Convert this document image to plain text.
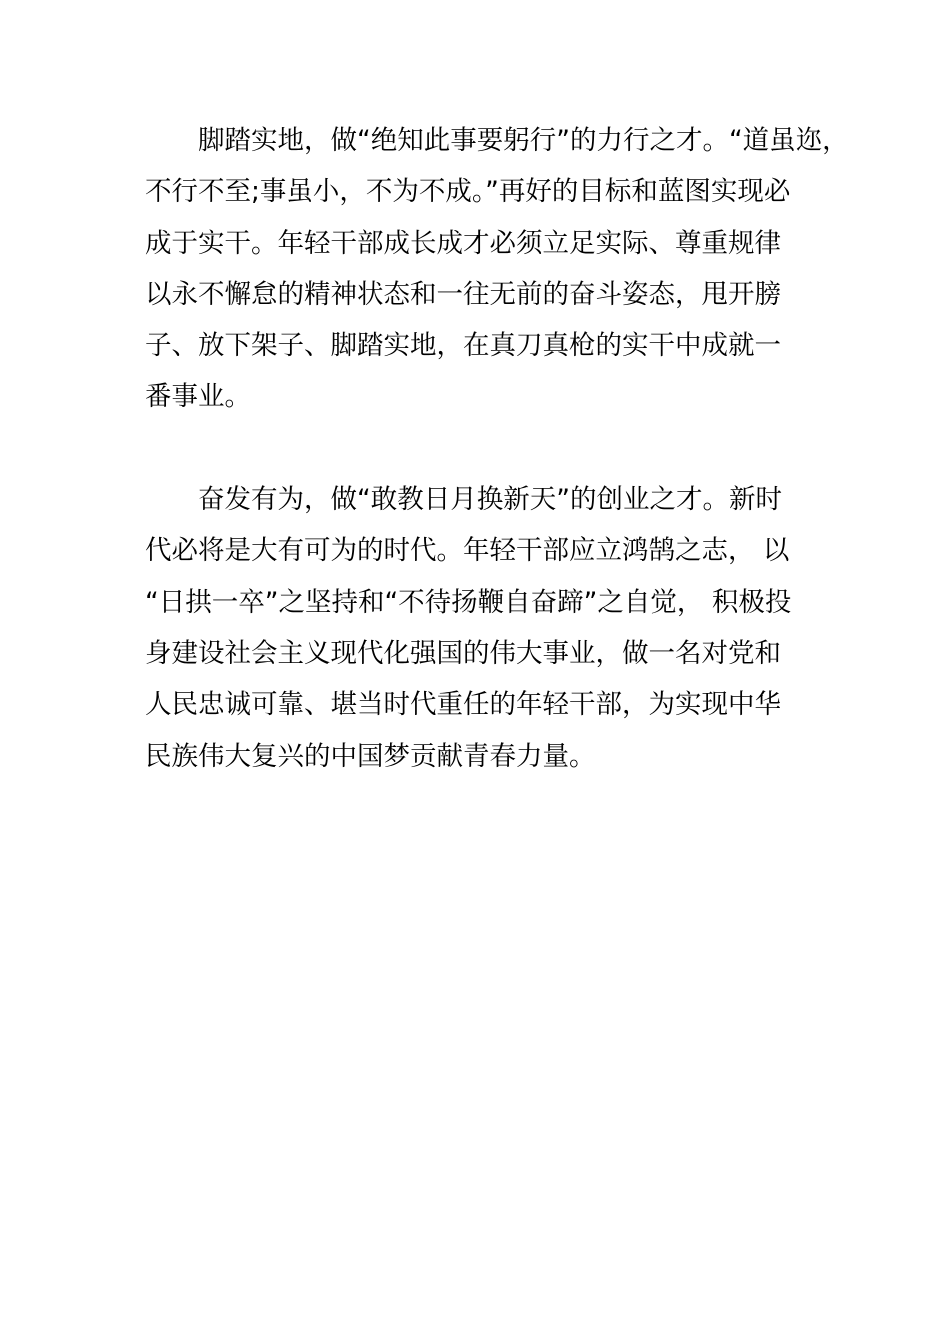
脚踏实地，做“绝知此事要躬行”的力行之才。“道虽迩，
不行不至;事虽小，不为不成。”再好的目标和蓝图实现必
成于实干。年轻干部成长成才必须立足实际、尊重规律
以永不懈怠的精神状态和一往无前的奋斗姿态，甩开膀
子、放下架子、脚踏实地，在真刀真枪的实干中成就一
番事业。

奋发有为，做“敢教日月换新天”的创业之才。新时
代必将是大有可为的时代。年轻干部应立鸿鹄之志， 以
“日拱一卒”之坚持和“不待扬鞭自奋蹄”之自觉， 积极投
身建设社会主义现代化强国的伟大事业，做一名对党和
人民忠诚可靠、堪当时代重任的年轻干部，为实现中华
民族伟大复兴的中国梦贡献青春力量。
